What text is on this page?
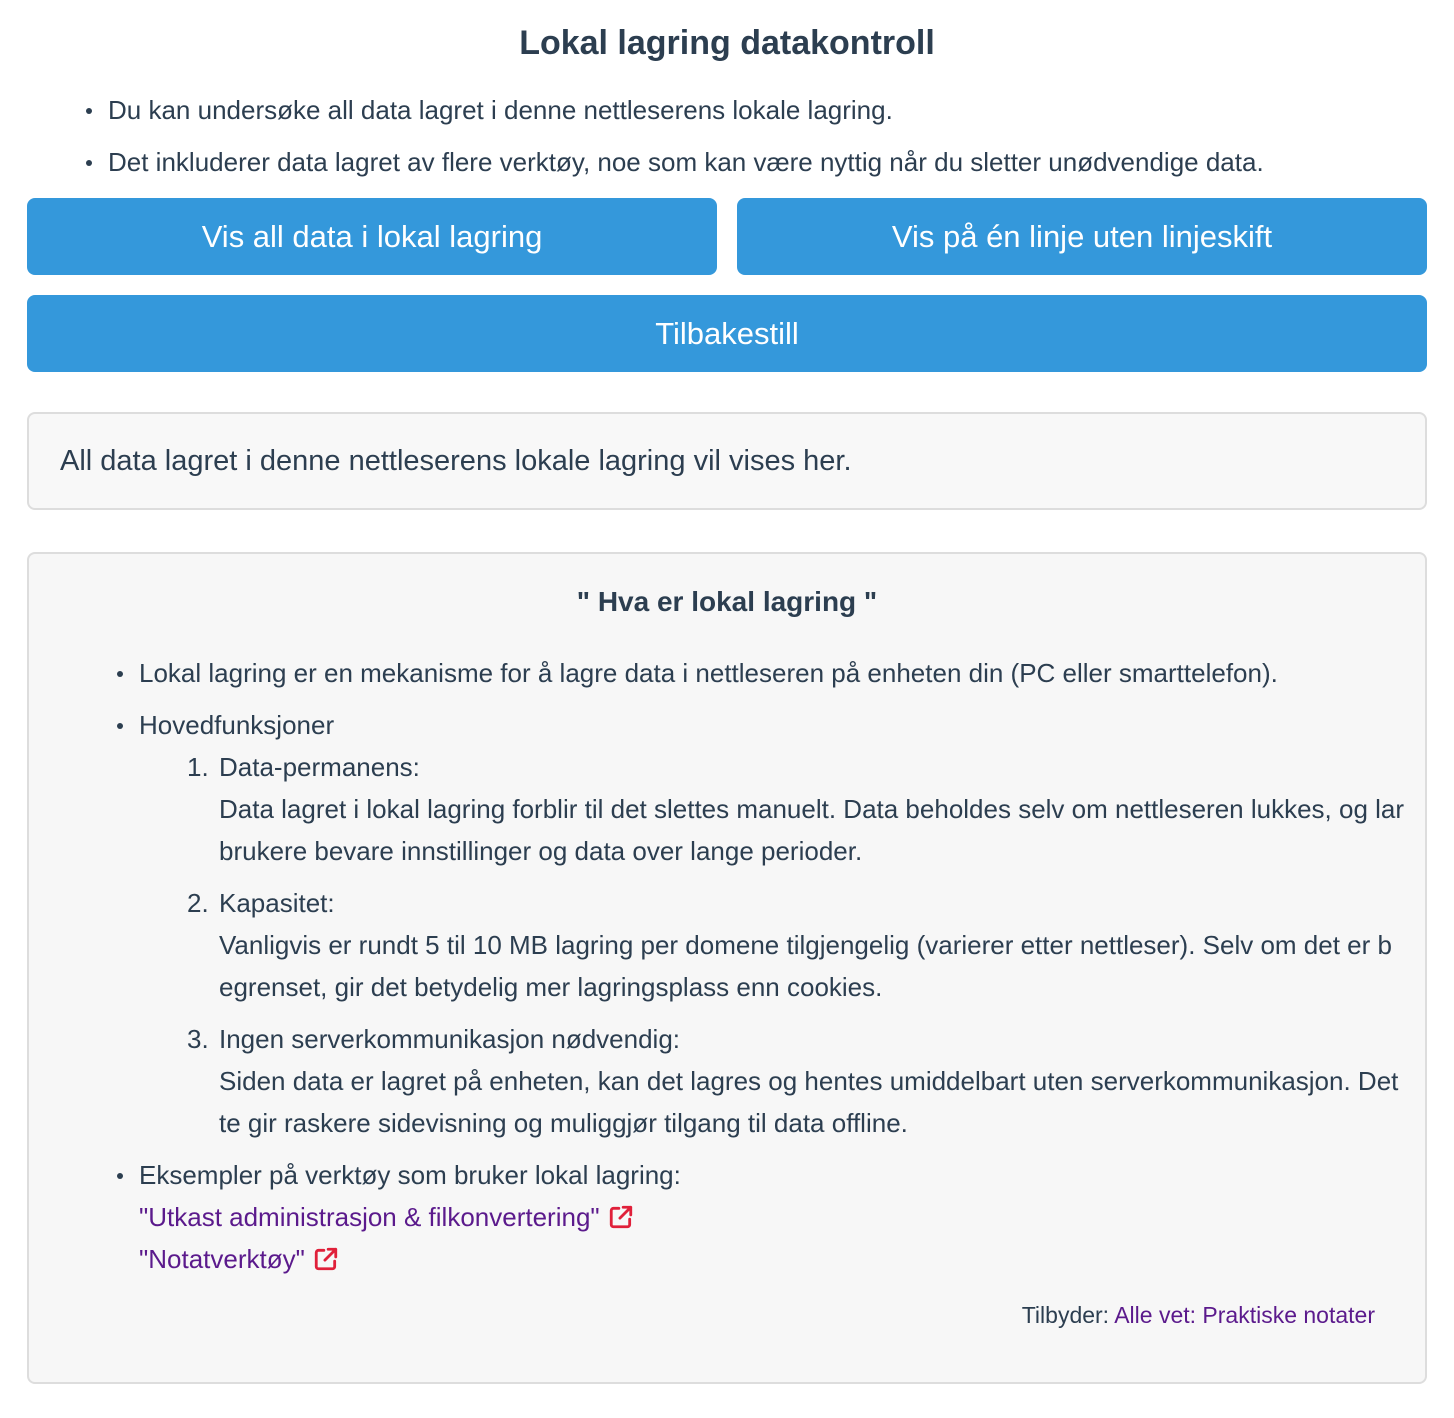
Lokal lagring datakontroll
Du kan undersøke all data lagret i denne nettleserens lokale lagring.
Det inkluderer data lagret av flere verktøy, noe som kan være nyttig når du sletter unødvendige data.
Vis all data i lokal lagring	Vis på én linje uten linjeskift
Tilbakestill
All data lagret i denne nettleserens lokale lagring vil vises her.
" Hva er lokal lagring "
Lokal lagring er en mekanisme for å lagre data i nettleseren på enheten din (PC eller smarttelefon).
Hovedfunksjoner
1. Data-permanens:
Data lagret i lokal lagring forblir til det slettes manuelt. Data beholdes selv om nettleseren lukkes, og lar brukere bevare innstillinger og data over lange perioder.
2. Kapasitet:
Vanligvis er rundt 5 til 10 MB lagring per domene tilgjengelig (varierer etter nettleser). Selv om det er begrenset, gir det betydelig mer lagringsplass enn cookies.
3. Ingen serverkommunikasjon nødvendig:
Siden data er lagret på enheten, kan det lagres og hentes umiddelbart uten serverkommunikasjon. Dette gir raskere sidevisning og muliggjør tilgang til data offline.
Eksempler på verktøy som bruker lokal lagring:

"Utkast administrasjon & filkonvertering"

"Notatverktøy"
Tilbyder: Alle vet: Praktiske notater
